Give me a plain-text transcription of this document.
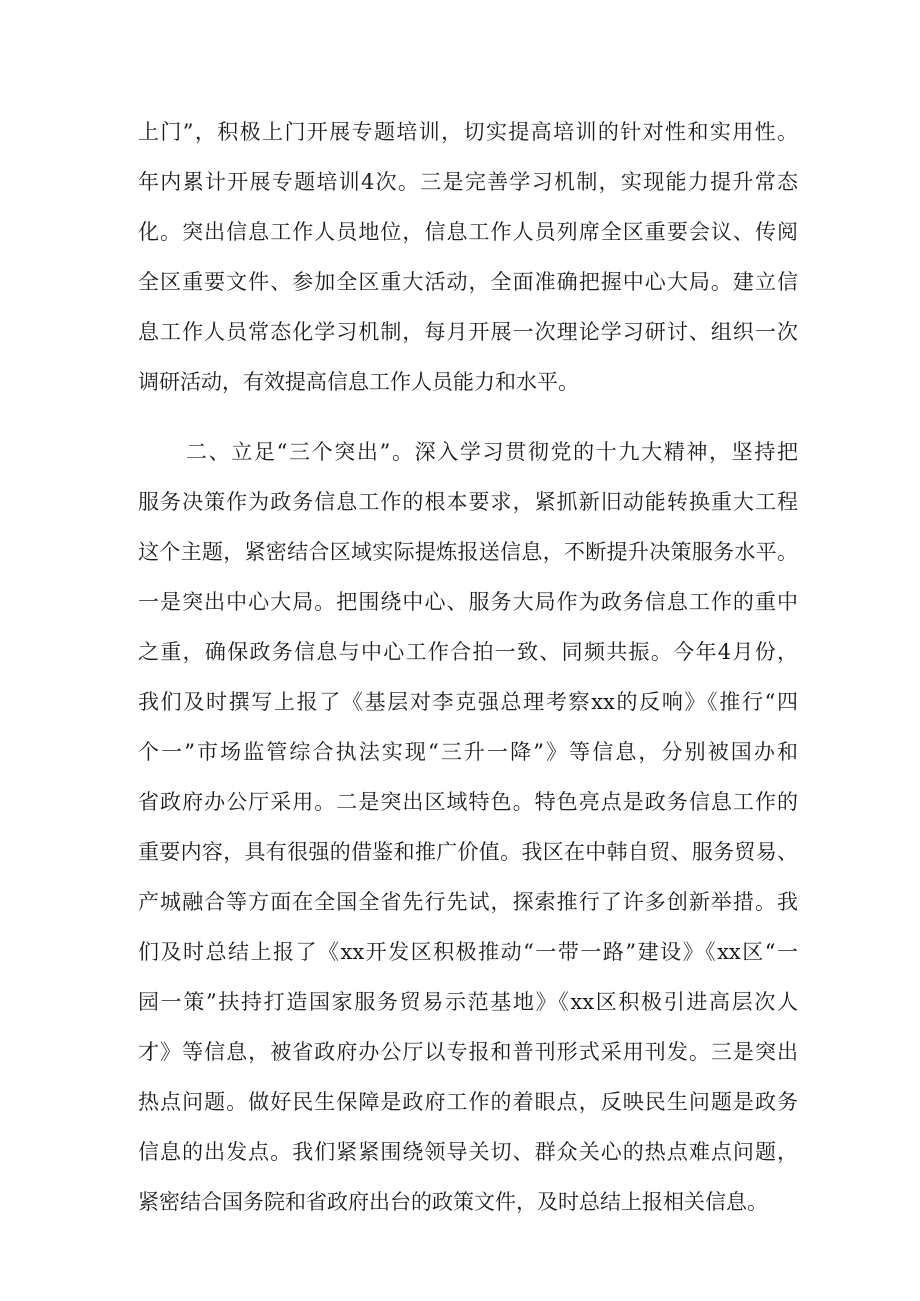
上门”，积极上门开展专题培训，切实提高培训的针对性和实用性。
年内累计开展专题培训4次。三是完善学习机制，实现能力提升常态
化。突出信息工作人员地位，信息工作人员列席全区重要会议、传阅
全区重要文件、参加全区重大活动，全面准确把握中心大局。建立信
息工作人员常态化学习机制，每月开展一次理论学习研讨、组织一次
调研活动，有效提高信息工作人员能力和水平。
二、立足“三个突出”。深入学习贯彻党的十九大精神，坚持把
服务决策作为政务信息工作的根本要求，紧抓新旧动能转换重大工程
这个主题，紧密结合区域实际提炼报送信息，不断提升决策服务水平。
一是突出中心大局。把围绕中心、服务大局作为政务信息工作的重中
之重，确保政务信息与中心工作合拍一致、同频共振。今年4月份，
我们及时撰写上报了《基层对李克强总理考察xx的反响》《推行“四
个一”市场监管综合执法实现“三升一降”》等信息，分别被国办和
省政府办公厅采用。二是突出区域特色。特色亮点是政务信息工作的
重要内容，具有很强的借鉴和推广价值。我区在中韩自贸、服务贸易、
产城融合等方面在全国全省先行先试，探索推行了许多创新举措。我
们及时总结上报了《xx开发区积极推动“一带一路”建设》《xx区“一
园一策”扶持打造国家服务贸易示范基地》《xx区积极引进高层次人
才》等信息，被省政府办公厅以专报和普刊形式采用刊发。三是突出
热点问题。做好民生保障是政府工作的着眼点，反映民生问题是政务
信息的出发点。我们紧紧围绕领导关切、群众关心的热点难点问题，
紧密结合国务院和省政府出台的政策文件，及时总结上报相关信息。
